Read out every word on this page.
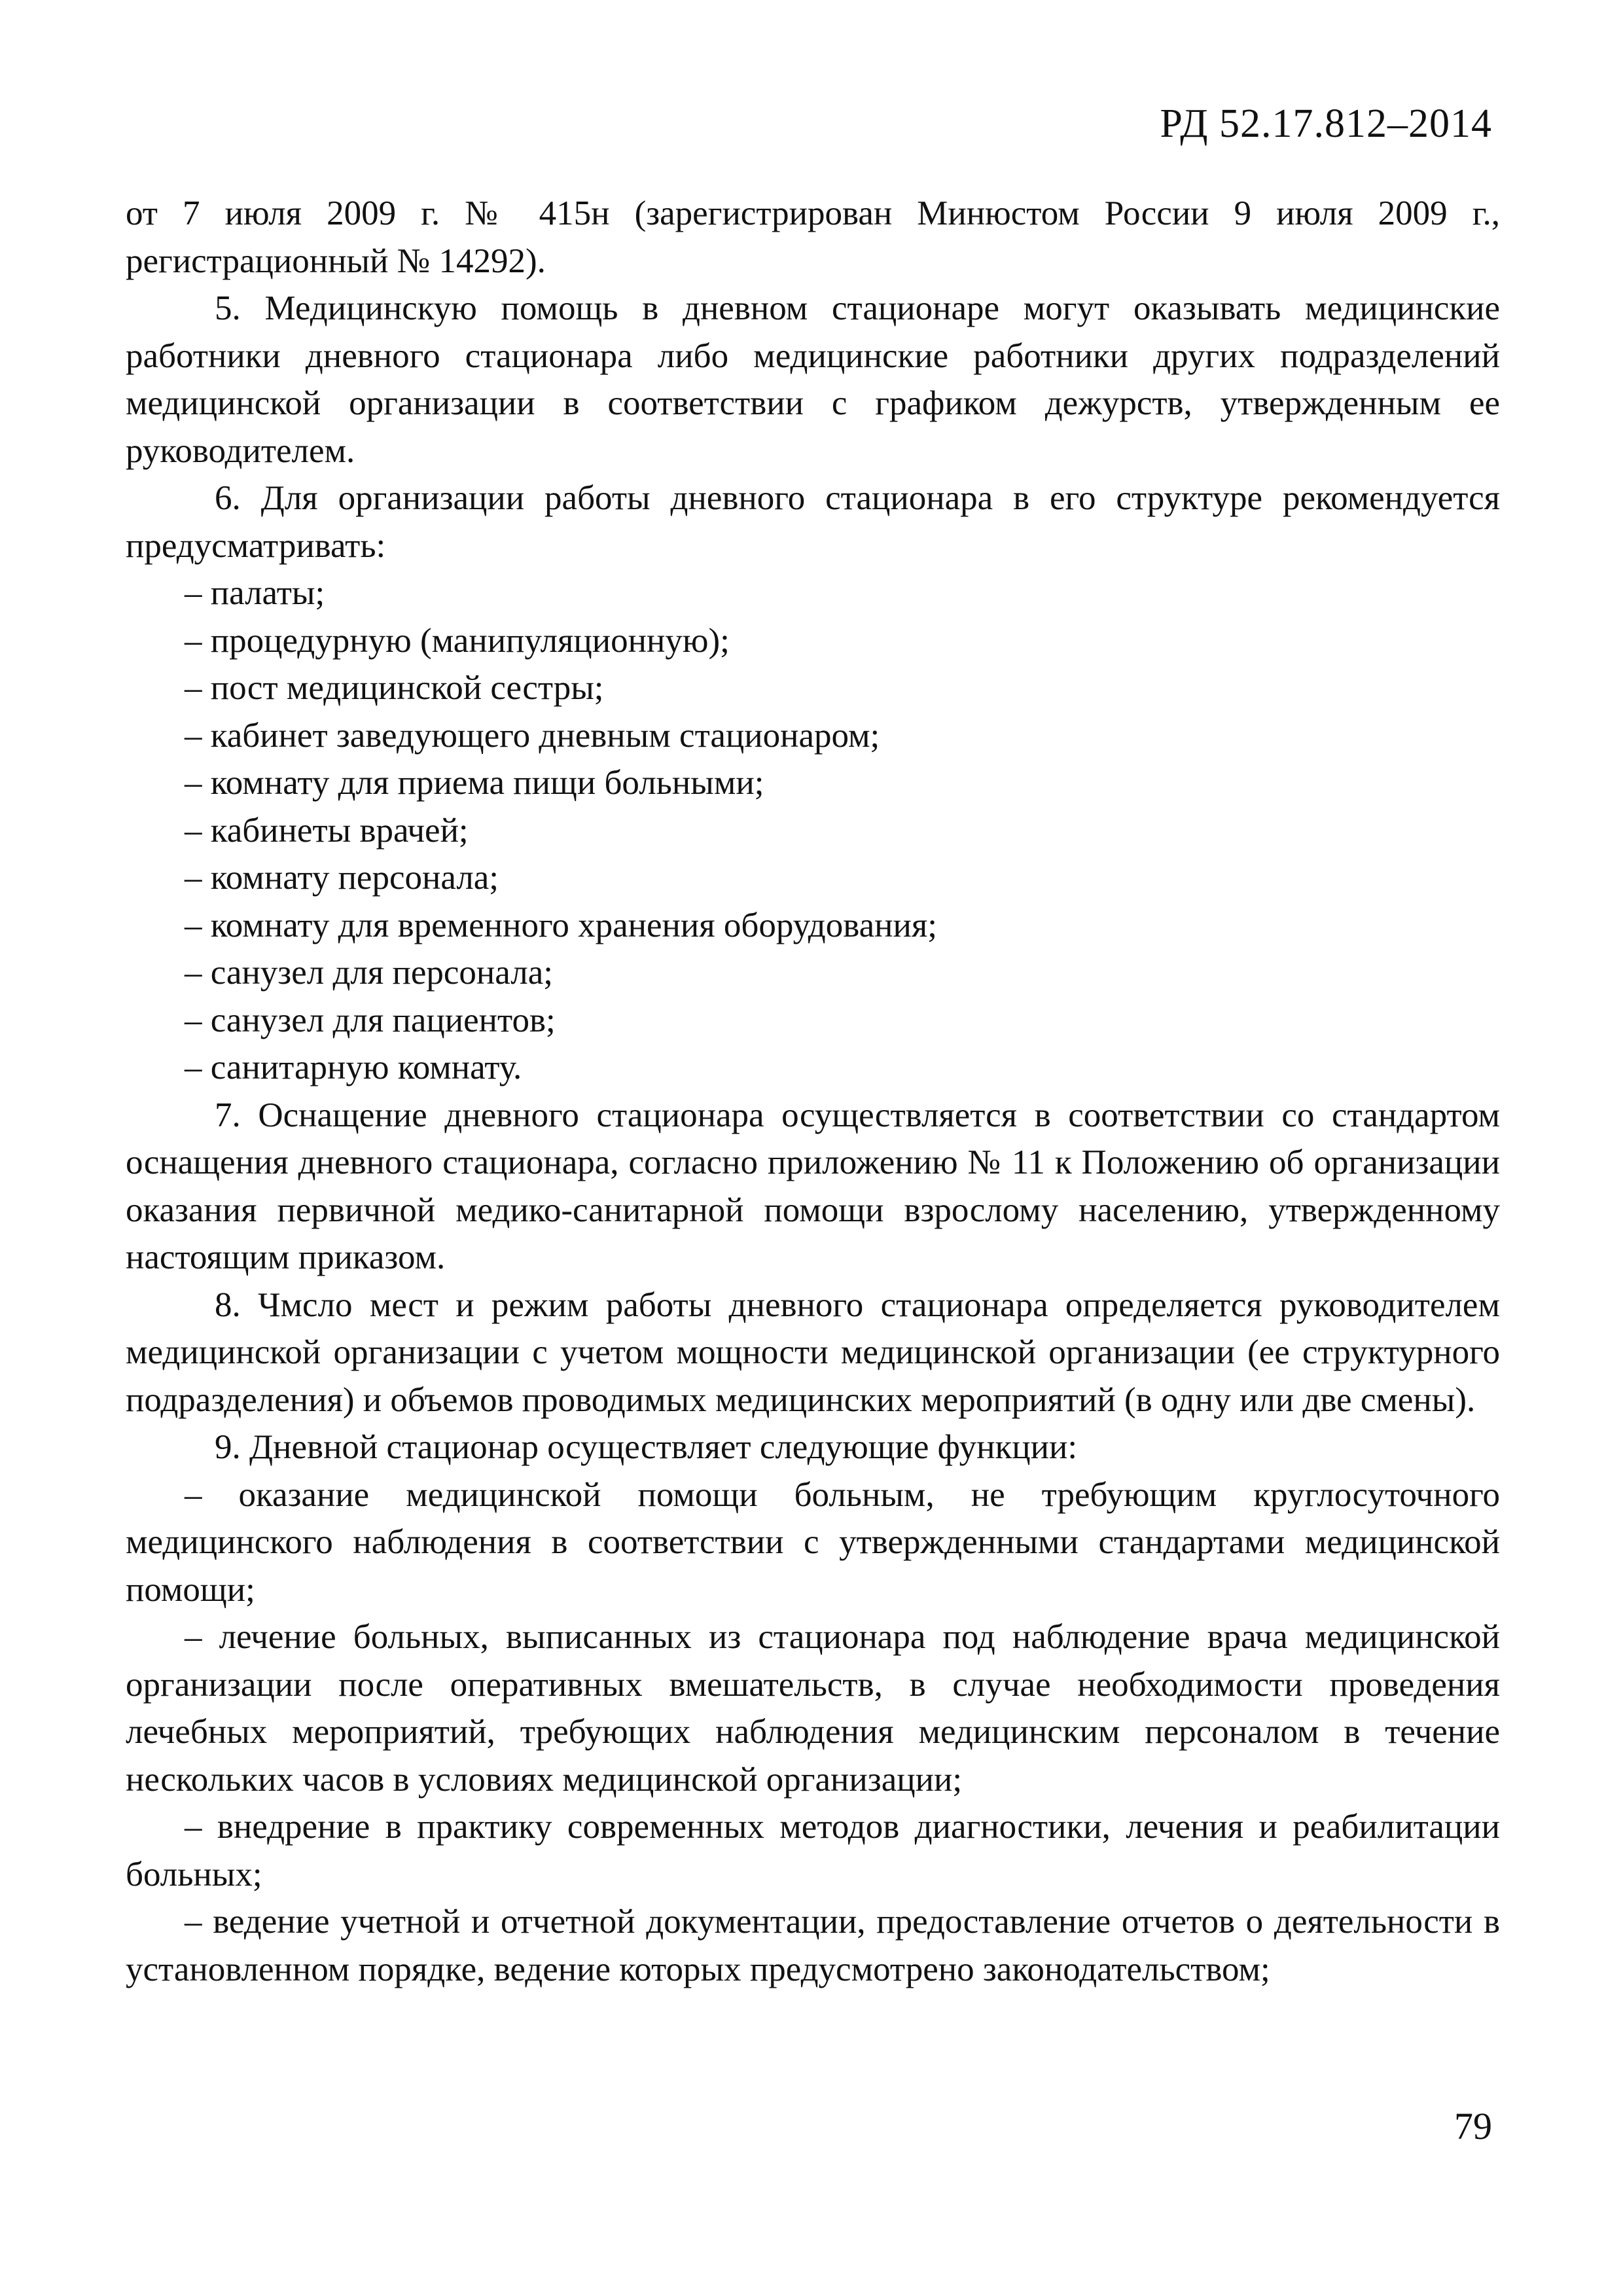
РД 52.17.812–2014

от 7 июля 2009 г. № 415н (зарегистрирован Минюстом России 9 июля 2009 г., регистрационный № 14292).

5. Медицинскую помощь в дневном стационаре могут оказывать медицинские работники дневного стационара либо медицинские работники других подразделений медицинской организации в соответствии с графиком дежурств, утвержденным ее руководителем.

6. Для организации работы дневного стационара в его структуре рекомендуется предусматривать:

– палаты;

– процедурную (манипуляционную);

– пост медицинской сестры;

– кабинет заведующего дневным стационаром;

– комнату для приема пищи больными;

– кабинеты врачей;

– комнату персонала;

– комнату для временного хранения оборудования;

– санузел для персонала;

– санузел для пациентов;

– санитарную комнату.

7. Оснащение дневного стационара осуществляется в соответствии со стандартом оснащения дневного стационара, согласно приложению № 11 к Положению об организации оказания первичной медико-санитарной помощи взрослому населению, утвержденному настоящим приказом.

8. Чмсло мест и режим работы дневного стационара определяется руководителем медицинской организации с учетом мощности медицинской организации (ее структурного подразделения) и объемов проводимых медицинских мероприятий (в одну или две смены).

9. Дневной стационар осуществляет следующие функции:

– оказание медицинской помощи больным, не требующим круглосуточного медицинского наблюдения в соответствии с утвержденными стандартами медицинской помощи;

– лечение больных, выписанных из стационара под наблюдение врача медицинской организации после оперативных вмешательств, в случае необходимости проведения лечебных мероприятий, требующих наблюдения медицинским персоналом в течение нескольких часов в условиях медицинской организации;

– внедрение в практику современных методов диагностики, лечения и реабилитации больных;

– ведение учетной и отчетной документации, предоставление отчетов о деятельности в установленном порядке, ведение которых предусмотрено законодательством;

79
